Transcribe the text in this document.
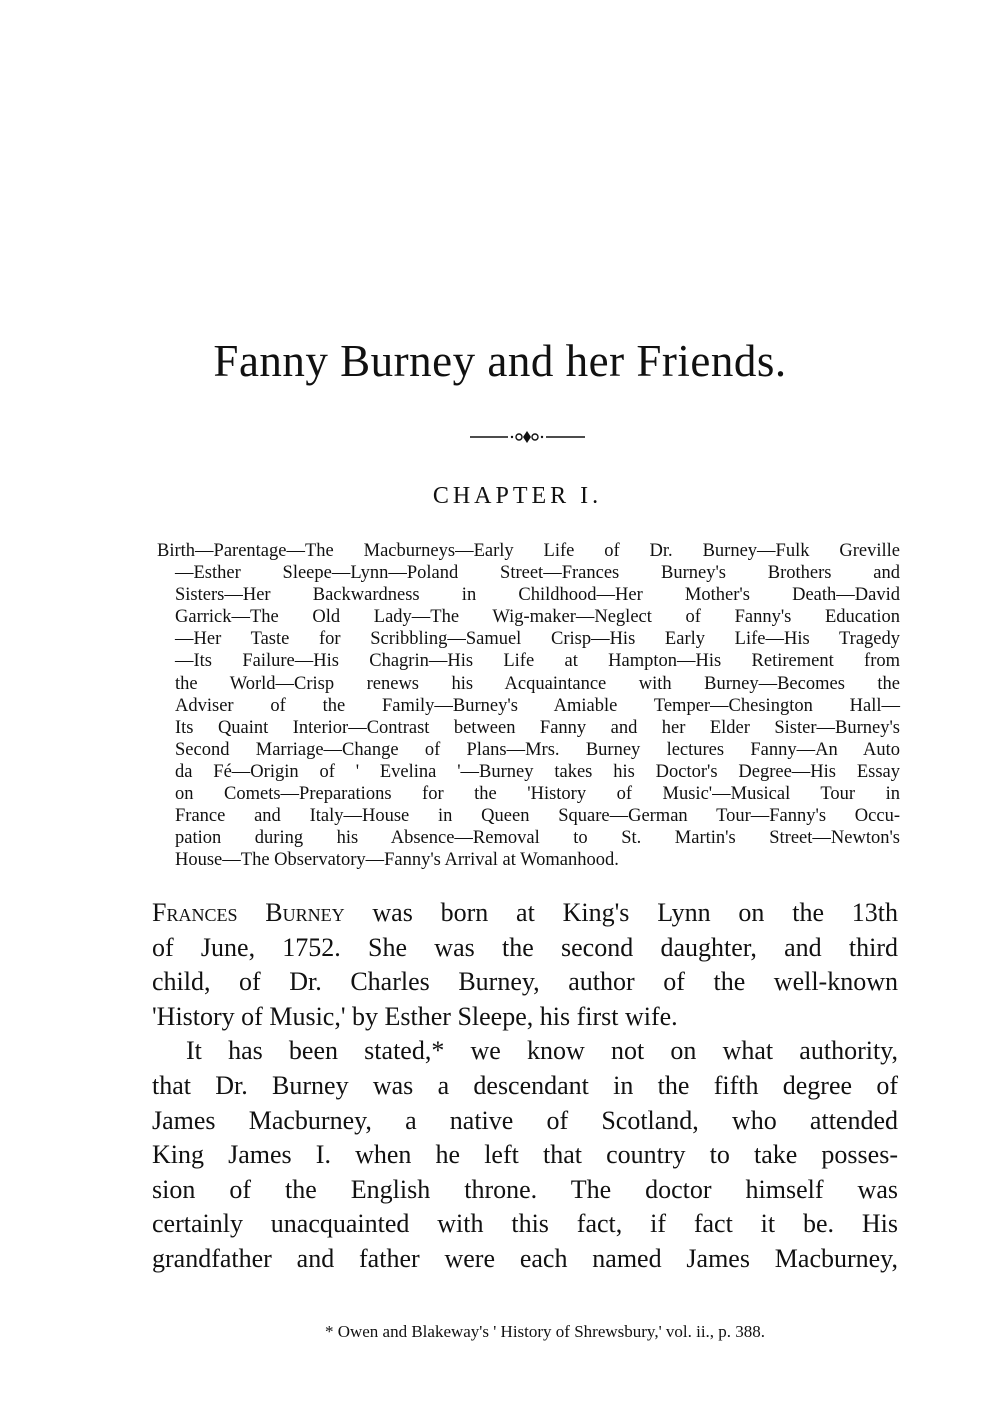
Fanny Burney and her Friends.
CHAPTER I.
Birth—Parentage—The Macburneys—Early Life of Dr. Burney—Fulk Greville
—Esther Sleepe—Lynn—Poland Street—Frances Burney's Brothers and
Sisters—Her Backwardness in Childhood—Her Mother's Death—David
Garrick—The Old Lady—The Wig-maker—Neglect of Fanny's Education
—Her Taste for Scribbling—Samuel Crisp—His Early Life—His Tragedy
—Its Failure—His Chagrin—His Life at Hampton—His Retirement from
the World—Crisp renews his Acquaintance with Burney—Becomes the
Adviser of the Family—Burney's Amiable Temper—Chesington Hall—
Its Quaint Interior—Contrast between Fanny and her Elder Sister—Burney's
Second Marriage—Change of Plans—Mrs. Burney lectures Fanny—An Auto
da Fé—Origin of ' Evelina '—Burney takes his Doctor's Degree—His Essay
on Comets—Preparations for the 'History of Music'—Musical Tour in
France and Italy—House in Queen Square—German Tour—Fanny's Occu-
pation during his Absence—Removal to St. Martin's Street—Newton's
House—The Observatory—Fanny's Arrival at Womanhood.
Frances Burney was born at King's Lynn on the 13th
of June, 1752. She was the second daughter, and third
child, of Dr. Charles Burney, author of the well-known
'History of Music,' by Esther Sleepe, his first wife.
It has been stated,* we know not on what authority,
that Dr. Burney was a descendant in the fifth degree of
James Macburney, a native of Scotland, who attended
King James I. when he left that country to take posses-
sion of the English throne. The doctor himself was
certainly unacquainted with this fact, if fact it be. His
grandfather and father were each named James Macburney,
* Owen and Blakeway's ' History of Shrewsbury,' vol. ii., p. 388.
